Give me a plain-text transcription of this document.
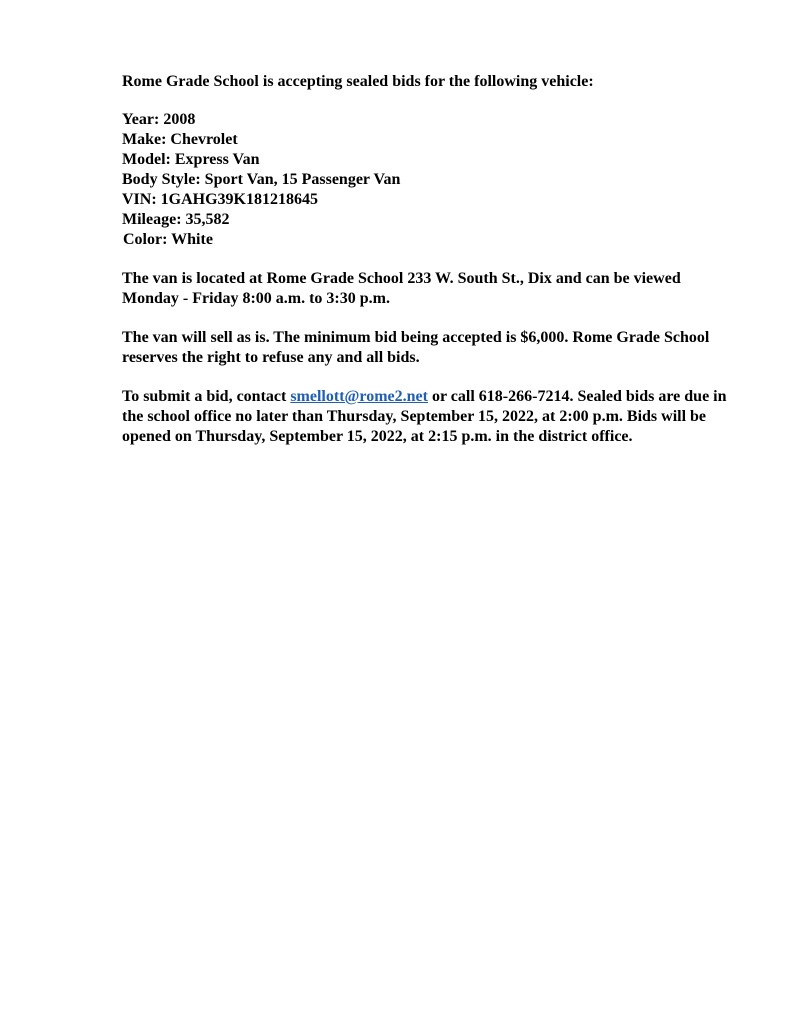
Rome Grade School is accepting sealed bids for the following vehicle:
Year: 2008
Make: Chevrolet
Model: Express Van
Body Style: Sport Van, 15 Passenger Van
VIN: 1GAHG39K181218645
Mileage: 35,582
Color: White
The van is located at Rome Grade School 233 W. South St., Dix and can be viewed
Monday - Friday 8:00 a.m. to 3:30 p.m.
The van will sell as is. The minimum bid being accepted is $6,000. Rome Grade School
reserves the right to refuse any and all bids.
To submit a bid, contact smellott@rome2.net or call 618-266-7214. Sealed bids are due in
the school office no later than Thursday, September 15, 2022, at 2:00 p.m. Bids will be
opened on Thursday, September 15, 2022, at 2:15 p.m. in the district office.
